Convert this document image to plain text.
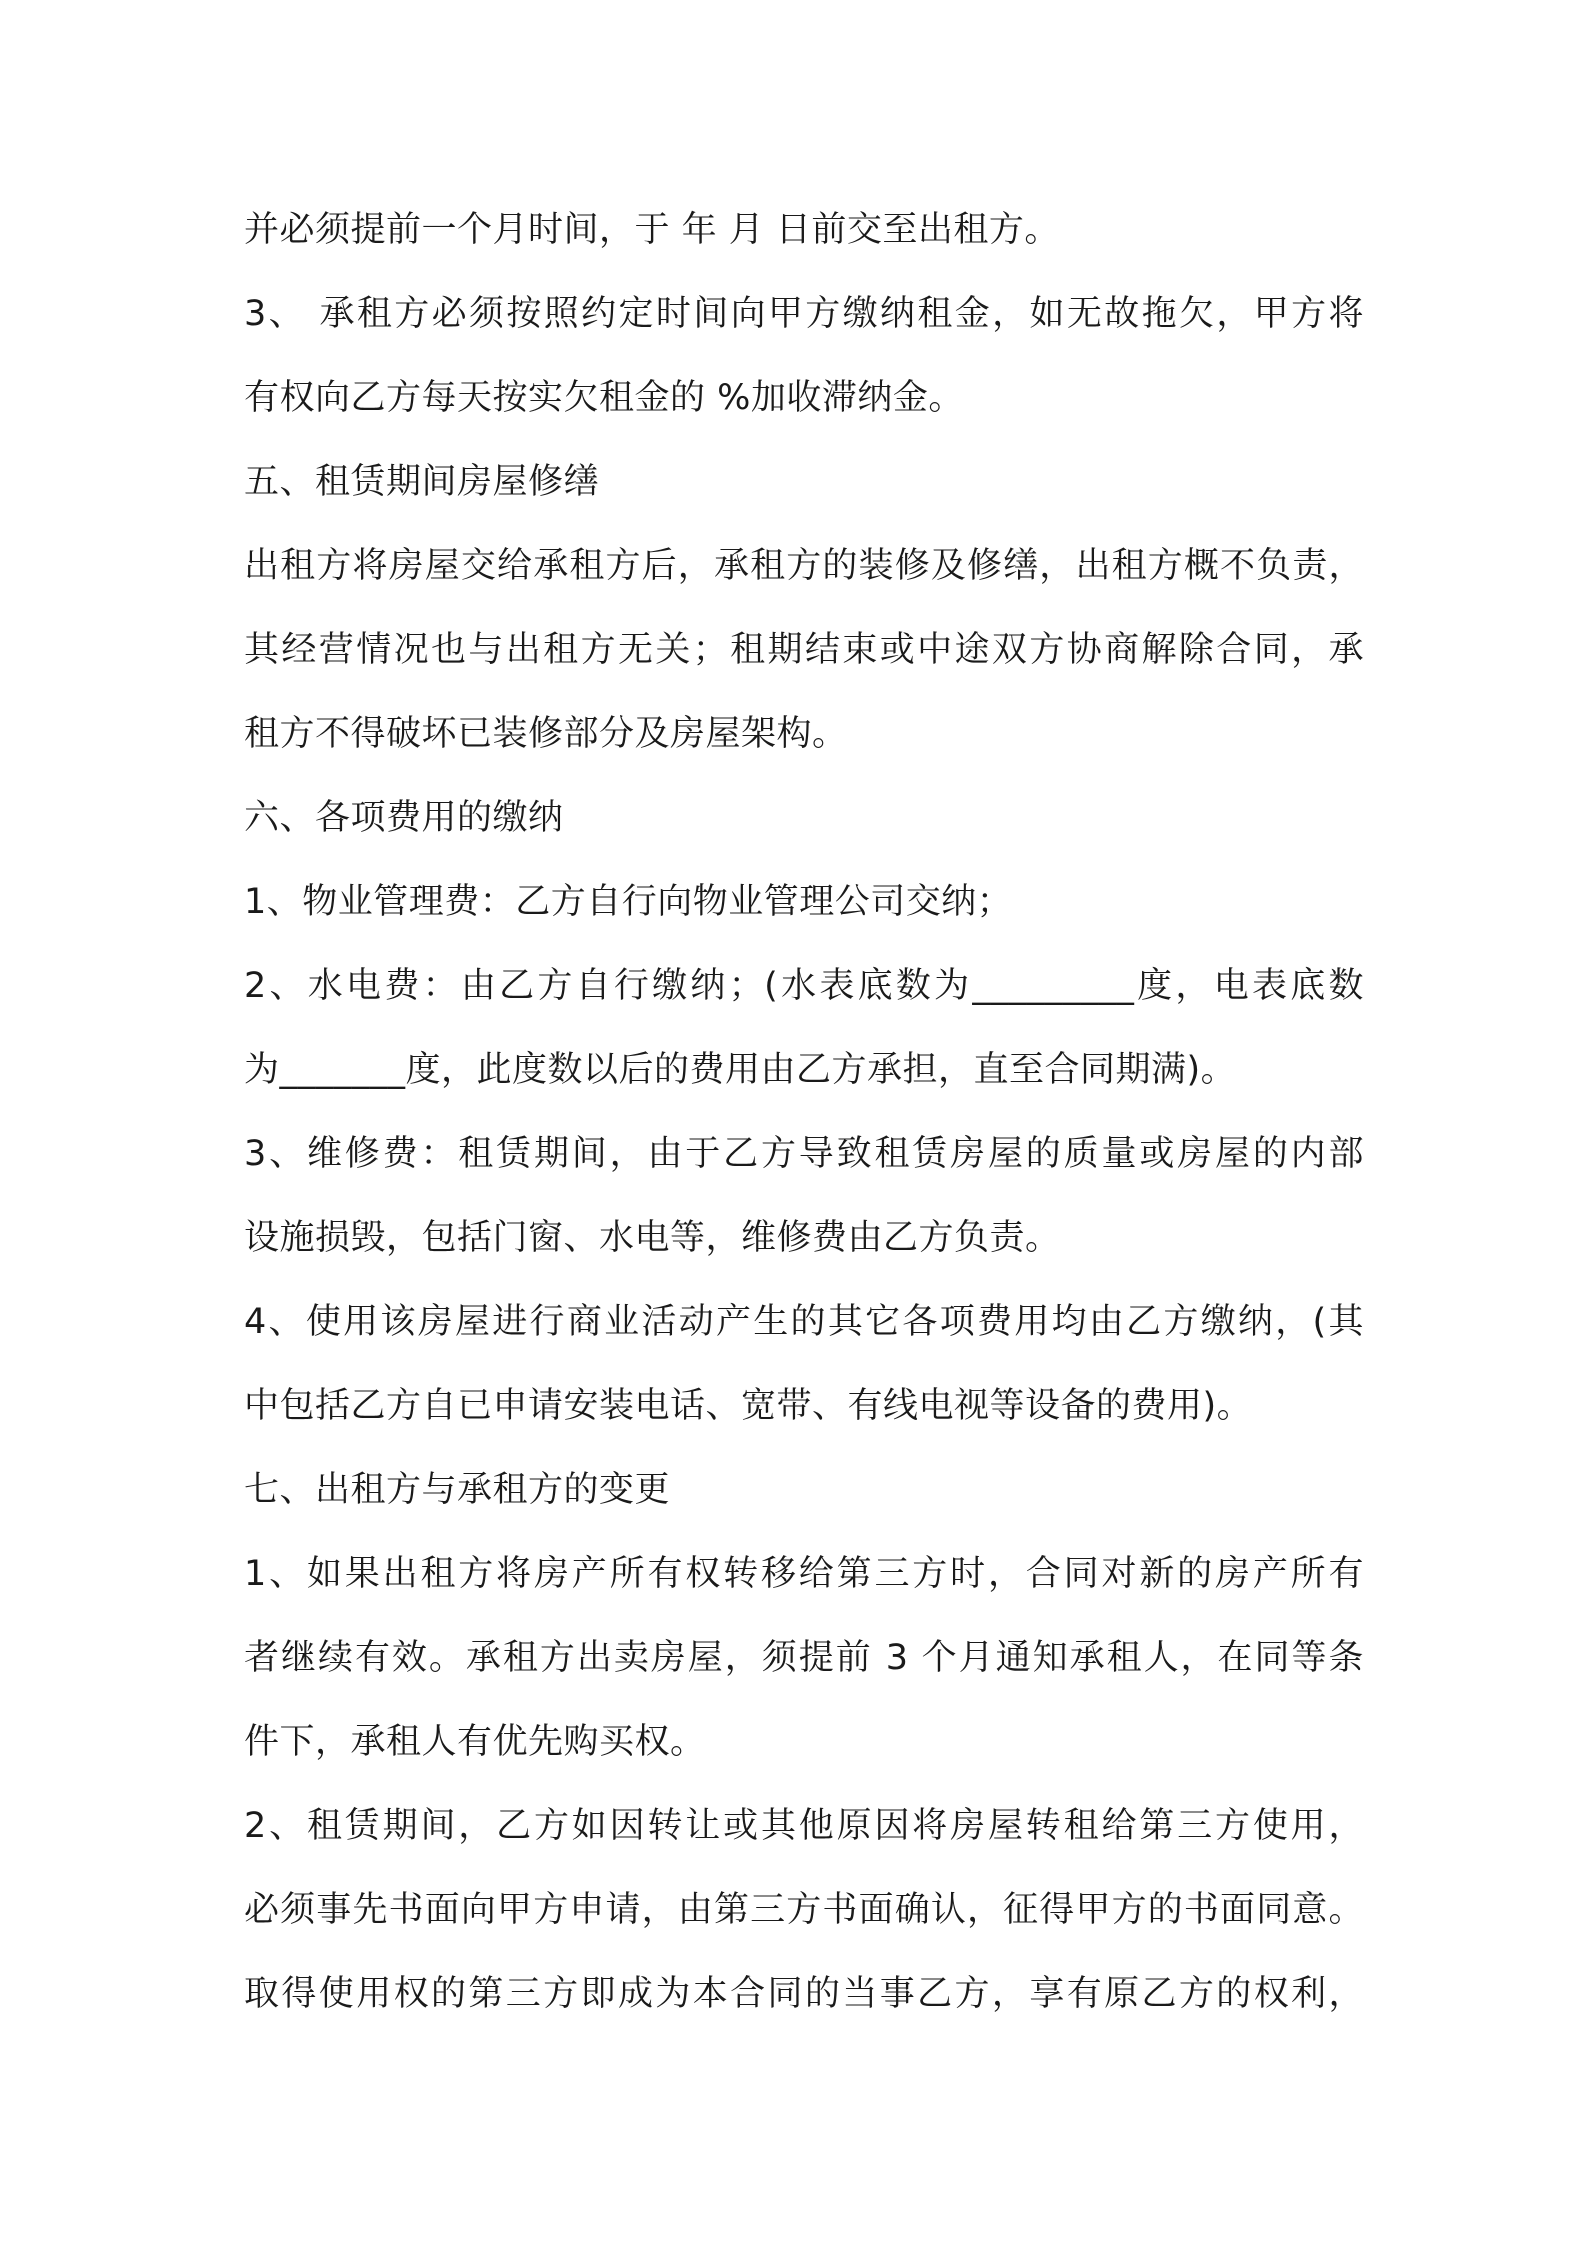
并必须提前一个月时间，于 年 月 日前交至出租方。
3、 承租方必须按照约定时间向甲方缴纳租金，如无故拖欠，甲方将
有权向乙方每天按实欠租金的 %加收滞纳金。
五、租赁期间房屋修缮
出租方将房屋交给承租方后，承租方的装修及修缮，出租方概不负责，
其经营情况也与出租方无关；租期结束或中途双方协商解除合同，承
租方不得破坏已装修部分及房屋架构。
六、各项费用的缴纳
1、物业管理费：乙方自行向物业管理公司交纳；
2、水电费：由乙方自行缴纳；(水表底数为_________度，电表底数
为_______度，此度数以后的费用由乙方承担，直至合同期满)。
3、维修费：租赁期间，由于乙方导致租赁房屋的质量或房屋的内部
设施损毁，包括门窗、水电等，维修费由乙方负责。
4、使用该房屋进行商业活动产生的其它各项费用均由乙方缴纳，(其
中包括乙方自已申请安装电话、宽带、有线电视等设备的费用)。
七、出租方与承租方的变更
1、如果出租方将房产所有权转移给第三方时，合同对新的房产所有
者继续有效。承租方出卖房屋，须提前 3 个月通知承租人，在同等条
件下，承租人有优先购买权。
2、租赁期间，乙方如因转让或其他原因将房屋转租给第三方使用，
必须事先书面向甲方申请，由第三方书面确认，征得甲方的书面同意。
取得使用权的第三方即成为本合同的当事乙方，享有原乙方的权利，
